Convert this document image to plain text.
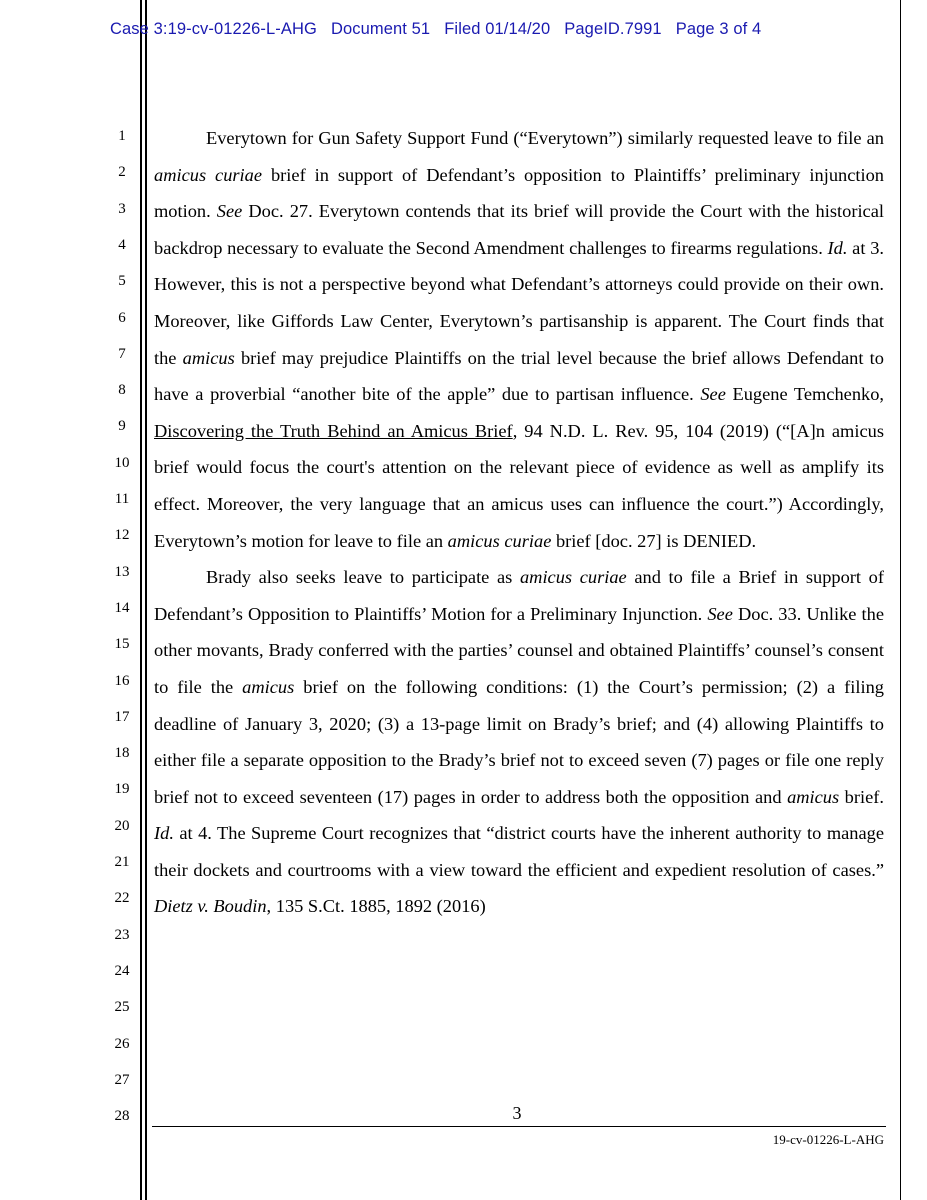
Case 3:19-cv-01226-L-AHG   Document 51   Filed 01/14/20   PageID.7991   Page 3 of 4
1
2
3
4
5
6
7
8
9
10
11
12
13
14
15
16
17
18
19
20
21
22
23
24
25
26
27
28

Everytown for Gun Safety Support Fund (“Everytown”) similarly requested leave to file an amicus curiae brief in support of Defendant’s opposition to Plaintiffs’ preliminary injunction motion. See Doc. 27. Everytown contends that its brief will provide the Court with the historical backdrop necessary to evaluate the Second Amendment challenges to firearms regulations. Id. at 3. However, this is not a perspective beyond what Defendant’s attorneys could provide on their own. Moreover, like Giffords Law Center, Everytown’s partisanship is apparent. The Court finds that the amicus brief may prejudice Plaintiffs on the trial level because the brief allows Defendant to have a proverbial “another bite of the apple” due to partisan influence. See Eugene Temchenko, Discovering the Truth Behind an Amicus Brief, 94 N.D. L. Rev. 95, 104 (2019) (“[A]n amicus brief would focus the court's attention on the relevant piece of evidence as well as amplify its effect. Moreover, the very language that an amicus uses can influence the court.”) Accordingly, Everytown’s motion for leave to file an amicus curiae brief [doc. 27] is DENIED.

Brady also seeks leave to participate as amicus curiae and to file a Brief in support of Defendant’s Opposition to Plaintiffs’ Motion for a Preliminary Injunction. See Doc. 33. Unlike the other movants, Brady conferred with the parties’ counsel and obtained Plaintiffs’ counsel’s consent to file the amicus brief on the following conditions: (1) the Court’s permission; (2) a filing deadline of January 3, 2020; (3) a 13-page limit on Brady’s brief; and (4) allowing Plaintiffs to either file a separate opposition to the Brady’s brief not to exceed seven (7) pages or file one reply brief not to exceed seventeen (17) pages in order to address both the opposition and amicus brief. Id. at 4. The Supreme Court recognizes that “district courts have the inherent authority to manage their dockets and courtrooms with a view toward the efficient and expedient resolution of cases.” Dietz v. Boudin, 135 S.Ct. 1885, 1892 (2016)

3
19-cv-01226-L-AHG
